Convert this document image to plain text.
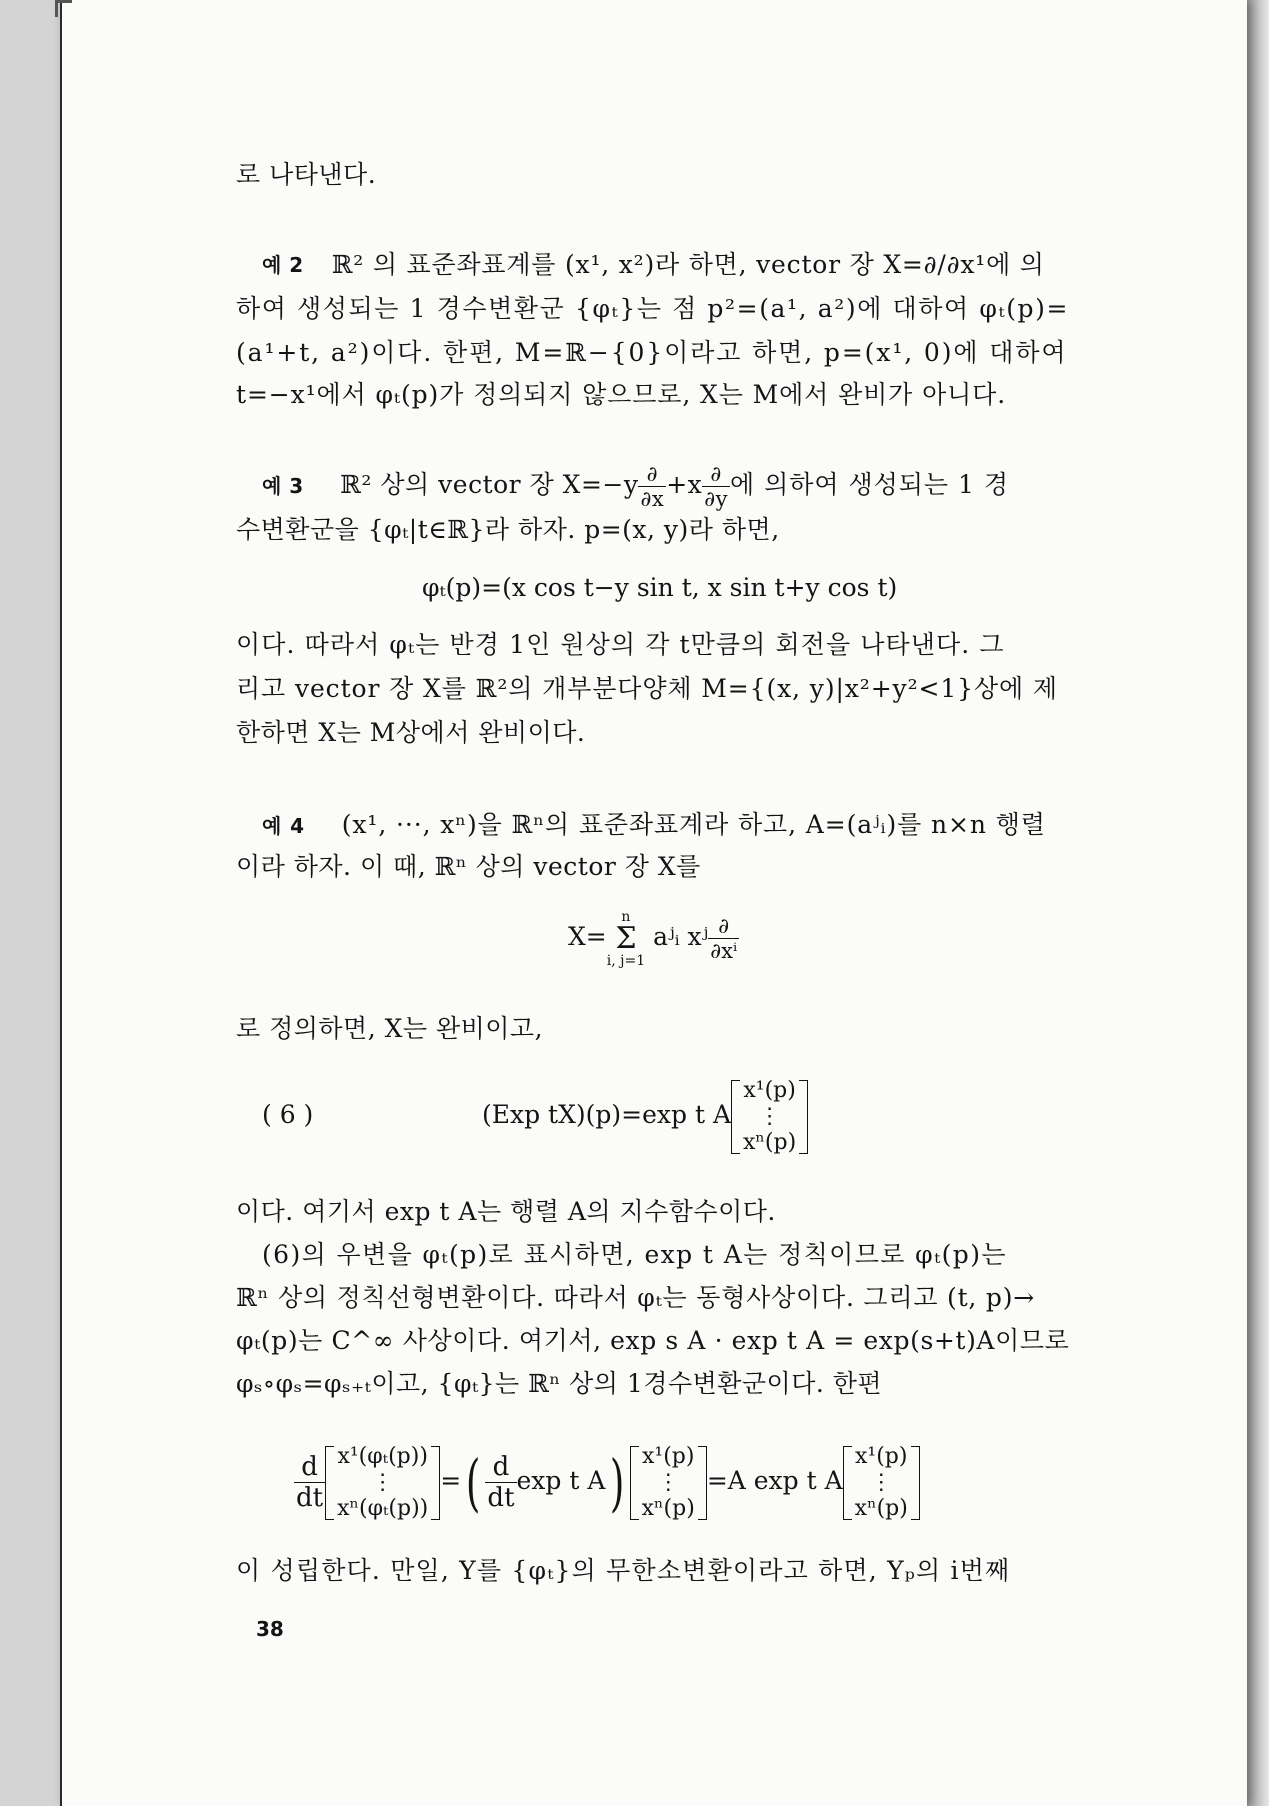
로 나타낸다.
예 2 ℝ² 의 표준좌표계를 (x¹, x²)라 하면, vector 장 X=∂/∂x¹에 의
하여 생성되는 1 경수변환군 {φₜ}는 점 p²=(a¹, a²)에 대하여 φₜ(p)=
(a¹+t, a²)이다. 한편, M=ℝ−{0}이라고 하면, p=(x¹, 0)에 대하여
t=−x¹에서 φₜ(p)가 정의되지 않으므로, X는 M에서 완비가 아니다.
예 3 ℝ² 상의 vector 장 $X=-y \frac{\partial}{\partial x} +x \frac{\partial}{\partial y}$ 에 의하여 생성되는 1 경
수변환군을 {φₜ|t∈ℝ}라 하자. p=(x, y)라 하면,
φₜ(p)=(x cos t−y sin t, x sin t+y cos t)
이다. 따라서 φₜ는 반경 1인 원상의 각 t만큼의 회전을 나타낸다. 그
리고 vector 장 X를 ℝ²의 개부분다양체 M={(x, y)|x²+y²<1}상에 제
한하면 X는 M상에서 완비이다.
예 4 (x¹, ···, xⁿ)을 ℝⁿ의 표준좌표계라 하고, A=(aʲᵢ)를 n×n 행렬
이라 하자. 이 때, ℝⁿ 상의 vector 장 X를
X=n
Σ
i, j=1 aʲᵢ xʲ $\frac{\partial}{\text{∂xⁱ}}$
로 정의하면, X는 완비이고,
( 6 )	(Exp tX)(p)=exp t A
x¹(p)
⋮
xⁿ(p)
이다. 여기서 exp t A는 행렬 A의 지수함수이다.
(6)의 우변을 φₜ(p)로 표시하면, exp t A는 정칙이므로 φₜ(p)는
ℝⁿ 상의 정칙선형변환이다. 따라서 φₜ는 동형사상이다. 그리고 (t, p)→
φₜ(p)는 C^∞ 사상이다. 여기서, exp s A · exp t A = exp(s+t)A이므로
φₛ∘φₛ=φₛ₊ₜ이고, {φₜ}는 ℝⁿ 상의 1경수변환군이다. 한편
$\frac{d}{dt} x^1(\varphi_t(p))$
⋮
xⁿ(φₜ(p))
=( $\frac{d}{dt}$ exp t A) x¹(p)
⋮
xⁿ(p)
=A exp t A
x¹(p)
⋮
xⁿ(p)
이 성립한다. 만일, Y를 {φₜ}의 무한소변환이라고 하면, Yₚ의 i번째
38
